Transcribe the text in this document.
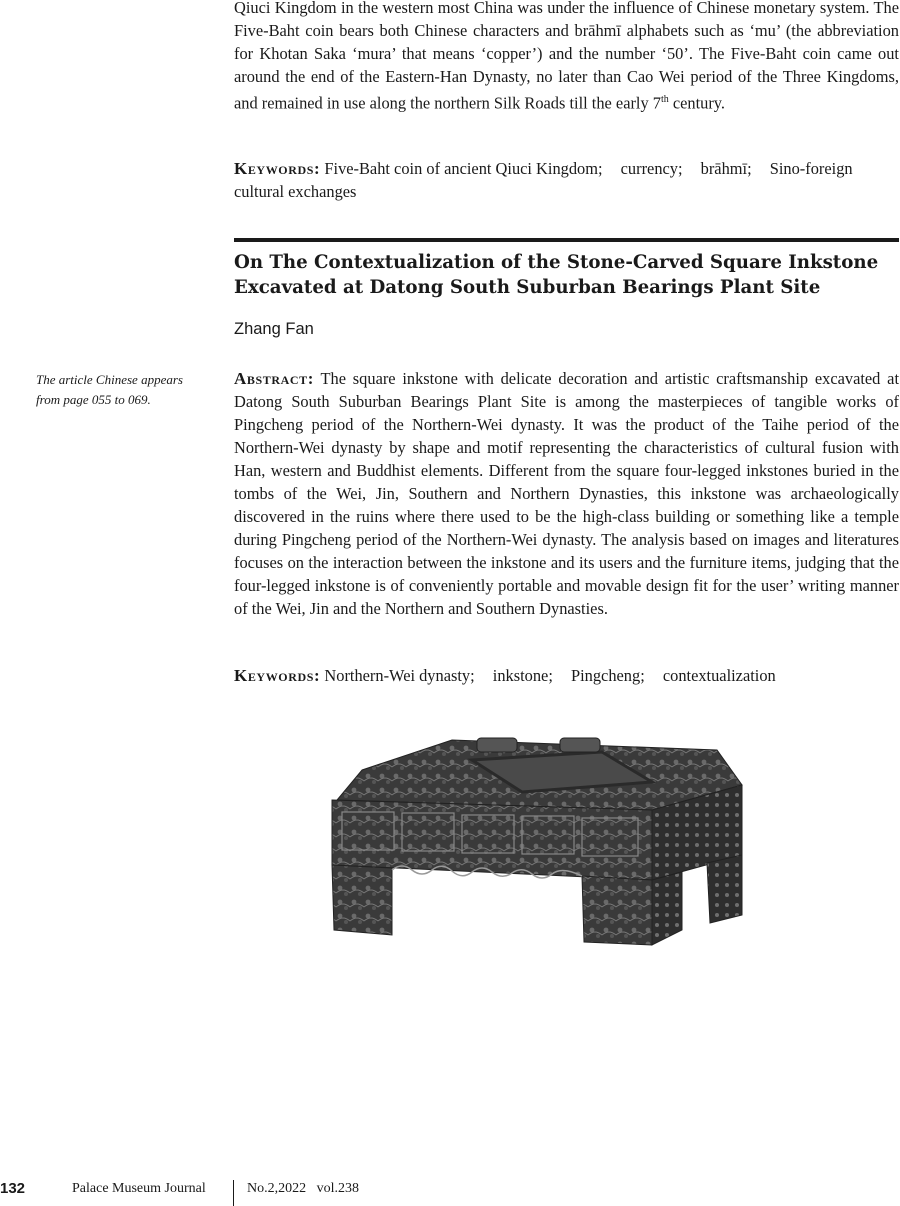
Qiuci Kingdom in the western most China was under the influence of Chinese monetary system. The Five-Baht coin bears both Chinese characters and brāhmī alphabets such as ‘mu’ (the abbreviation for Khotan Saka ‘mura’ that means ‘copper’) and the number ‘50’. The Five-Baht coin came out around the end of the Eastern-Han Dynasty, no later than Cao Wei period of the Three Kingdoms, and remained in use along the northern Silk Roads till the early 7th century.

Keywords: Five-Baht coin of ancient Qiuci Kingdom; currency; brāhmī; Sino-foreign cultural exchanges

On The Contextualization of the Stone-Carved Square Inkstone Excavated at Datong South Suburban Bearings Plant Site

Zhang Fan

The article Chinese appears from page 055 to 069.

Abstract: The square inkstone with delicate decoration and artistic craftsmanship excavated at Datong South Suburban Bearings Plant Site is among the masterpieces of tangible works of Pingcheng period of the Northern-Wei dynasty. It was the product of the Taihe period of the Northern-Wei dynasty by shape and motif representing the characteristics of cultural fusion with Han, western and Buddhist elements. Different from the square four-legged inkstones buried in the tombs of the Wei, Jin, Southern and Northern Dynasties, this inkstone was archaeologically discovered in the ruins where there used to be the high-class building or something like a temple during Pingcheng period of the Northern-Wei dynasty. The analysis based on images and literatures focuses on the interaction between the inkstone and its users and the furniture items, judging that the four-legged inkstone is of conveniently portable and movable design fit for the user’ writing manner of the Wei, Jin and the Northern and Southern Dynasties.

Keywords: Northern-Wei dynasty; inkstone; Pingcheng; contextualization

132	Palace Museum Journal	No.2,2022   vol.238
